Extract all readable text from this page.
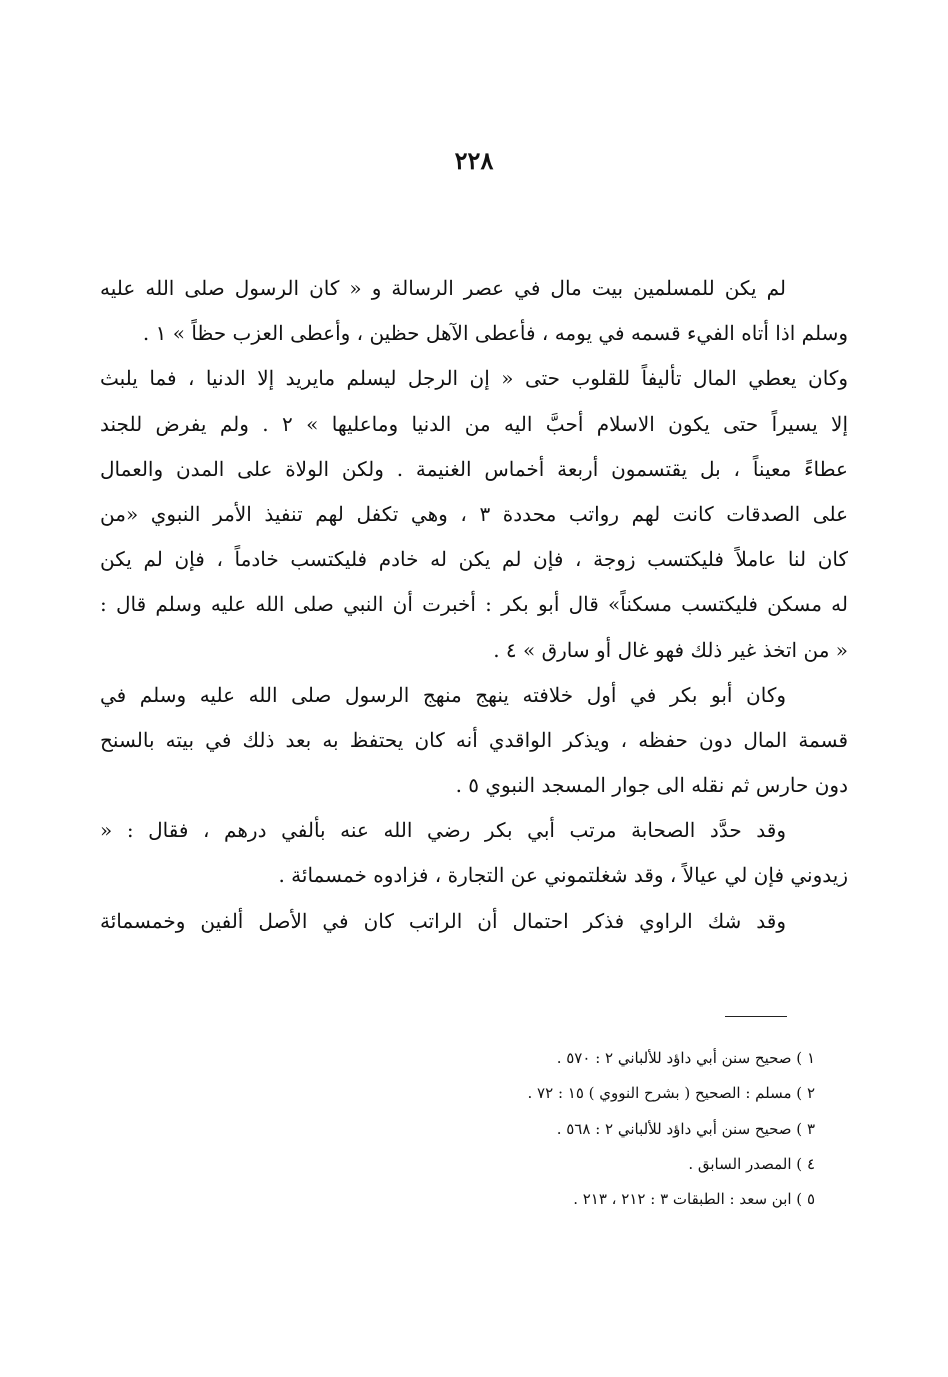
٢٢٨
لم يكن للمسلمين بيت مال في عصر الرسالة و « كان الرسول صلى الله عليه
وسلم اذا أتاه الفيء قسمه في يومه ، فأعطى الآهل حظين ، وأعطى العزب حظاً » ١ .
وكان يعطي المال تأليفاً للقلوب حتى « إن الرجل ليسلم مايريد إلا الدنيا ، فما يلبث
إلا يسيراً حتى يكون الاسلام أحبَّ اليه من الدنيا وماعليها » ٢ . ولم يفرض للجند
عطاءً معيناً ، بل يقتسمون أربعة أخماس الغنيمة . ولكن الولاة على المدن والعمال
على الصدقات كانت لهم رواتب محددة ٣ ، وهي تكفل لهم تنفيذ الأمر النبوي «من
كان لنا عاملاً فليكتسب زوجة ، فإن لم يكن له خادم فليكتسب خادماً ، فإن لم يكن
له مسكن فليكتسب مسكناً» قال أبو بكر : أخبرت أن النبي صلى الله عليه وسلم قال :
« من اتخذ غير ذلك فهو غال أو سارق » ٤ .
وكان أبو بكر في أول خلافته ينهج منهج الرسول صلى الله عليه وسلم في
قسمة المال دون حفظه ، ويذكر الواقدي أنه كان يحتفظ به بعد ذلك في بيته بالسنح
دون حارس ثم نقله الى جوار المسجد النبوي ٥ .
وقد حدَّد الصحابة مرتب أبي بكر رضي الله عنه بألفي درهم ، فقال : «
زيدوني فإن لي عيالاً ، وقد شغلتموني عن التجارة ، فزادوه خمسمائة .
وقد شك الراوي فذكر احتمال أن الراتب كان في الأصل ألفين وخمسمائة
١ ) صحيح سنن أبي داؤد للألباني ٢ : ٥٧٠ .
٢ ) مسلم : الصحيح ( بشرح النووي ) ١٥ : ٧٢ .
٣ ) صحيح سنن أبي داؤد للألباني ٢ : ٥٦٨ .
٤ ) المصدر السابق .
٥ ) ابن سعد : الطبقات ٣ : ٢١٢ ، ٢١٣ .
